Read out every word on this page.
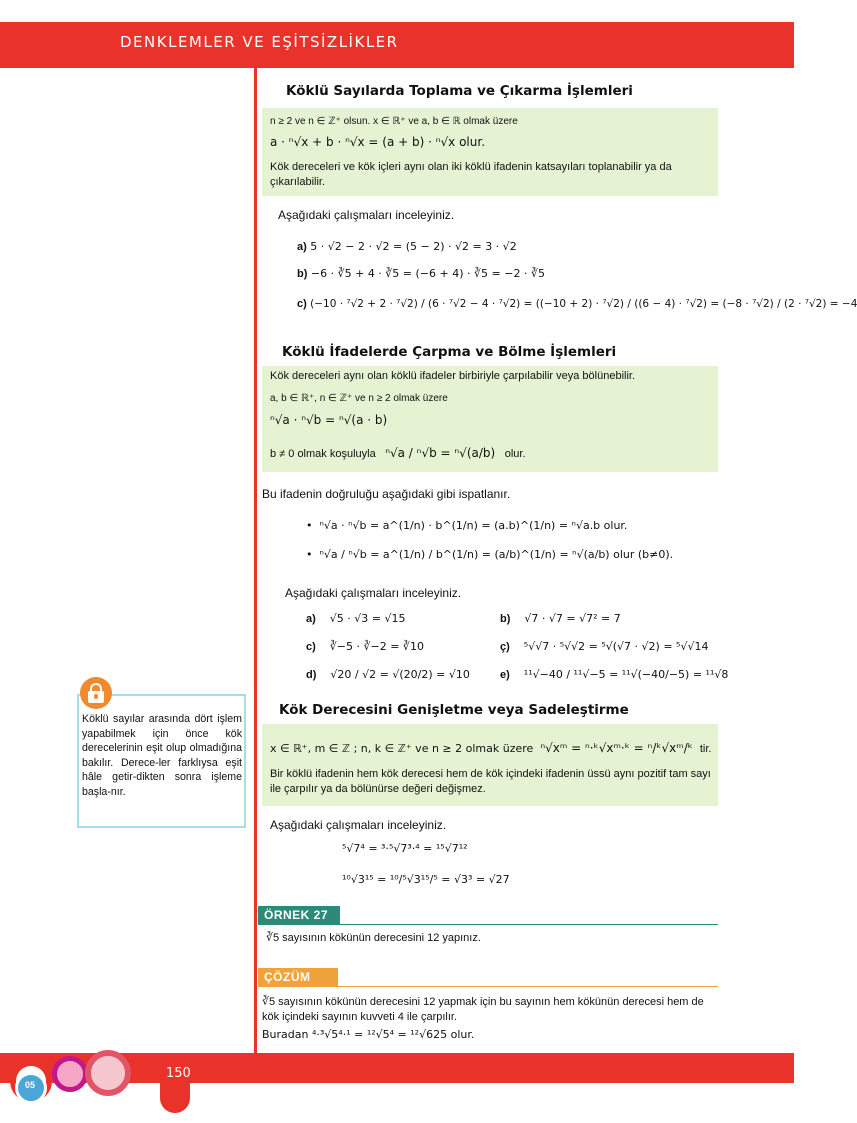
DENKLEMLER VE EŞİTSİZLİKLER
Köklü Sayılarda Toplama ve Çıkarma İşlemleri
n ≥ 2 ve n ∈ ℤ⁺ olsun. x ∈ ℝ⁺ ve a, b ∈ ℝ olmak üzere
a · ⁿ√x + b · ⁿ√x = (a + b) · ⁿ√x olur.
Kök dereceleri ve kök içleri aynı olan iki köklü ifadenin katsayıları toplanabilir ya da çıkarılabilir.
Aşağıdaki çalışmaları inceleyiniz.
a) 5 · √2 − 2 · √2 = (5 − 2) · √2 = 3 · √2
b) −6 · ∛5 + 4 · ∛5 = (−6 + 4) · ∛5 = −2 · ∛5
c) (−10 · ⁷√2 + 2 · ⁷√2) / (6 · ⁷√2 − 4 · ⁷√2) = ((−10 + 2) · ⁷√2) / ((6 − 4) · ⁷√2) = (−8 · ⁷√2) / (2 · ⁷√2) = −4
Köklü İfadelerde Çarpma ve Bölme İşlemleri
Kök dereceleri aynı olan köklü ifadeler birbiriyle çarpılabilir veya bölünebilir.
a, b ∈ ℝ⁺, n ∈ ℤ⁺ ve n ≥ 2 olmak üzere
ⁿ√a · ⁿ√b = ⁿ√(a · b)
b ≠ 0 olmak koşuluyla ⁿ√a / ⁿ√b = ⁿ√(a/b) olur.
Bu ifadenin doğruluğu aşağıdaki gibi ispatlanır.
•  ⁿ√a · ⁿ√b = a^(1/n) · b^(1/n) = (a.b)^(1/n) = ⁿ√a.b olur.
•  ⁿ√a / ⁿ√b = a^(1/n) / b^(1/n) = (a/b)^(1/n) = ⁿ√(a/b) olur (b≠0).
Aşağıdaki çalışmaları inceleyiniz.
a) √5 · √3 = √15	b) √7 · √7 = √7² = 7
c) ∛−5 · ∛−2 = ∛10	ç) ⁵√√7 · ⁵√√2 = ⁵√(√7 · √2) = ⁵√√14
d) √20 / √2 = √(20/2) = √10	e) ¹¹√−40 / ¹¹√−5 = ¹¹√(−40/−5) = ¹¹√8
Köklü sayılar arasında dört işlem yapabilmek için önce kök derecelerinin eşit olup olmadığına bakılır. Derece-ler farklıysa eşit hâle getir-dikten sonra işleme başla-nır.
Kök Derecesini Genişletme veya Sadeleştirme
x ∈ ℝ⁺, m ∈ ℤ ; n, k ∈ ℤ⁺ ve n ≥ 2 olmak üzere ⁿ√xᵐ = ⁿ·ᵏ√xᵐ·ᵏ = ⁿ/ᵏ√xᵐ/ᵏ tir.
Bir köklü ifadenin hem kök derecesi hem de kök içindeki ifadenin üssü aynı pozitif tam sayı ile çarpılır ya da bölünürse değeri değişmez.
Aşağıdaki çalışmaları inceleyiniz.
⁵√7⁴ = ³·⁵√7³·⁴ = ¹⁵√7¹²
¹⁰√3¹⁵ = ¹⁰/⁵√3¹⁵/⁵ = √3³ = √27
ÖRNEK 27
∛5 sayısının kökünün derecesini 12 yapınız.
ÇÖZÜM
∛5 sayısının kökünün derecesini 12 yapmak için bu sayının hem kökünün derecesi hem de kök içindeki sayının kuvveti 4 ile çarpılır.
Buradan ⁴·³√5⁴·¹ = ¹²√5⁴ = ¹²√625 olur.
150
05
